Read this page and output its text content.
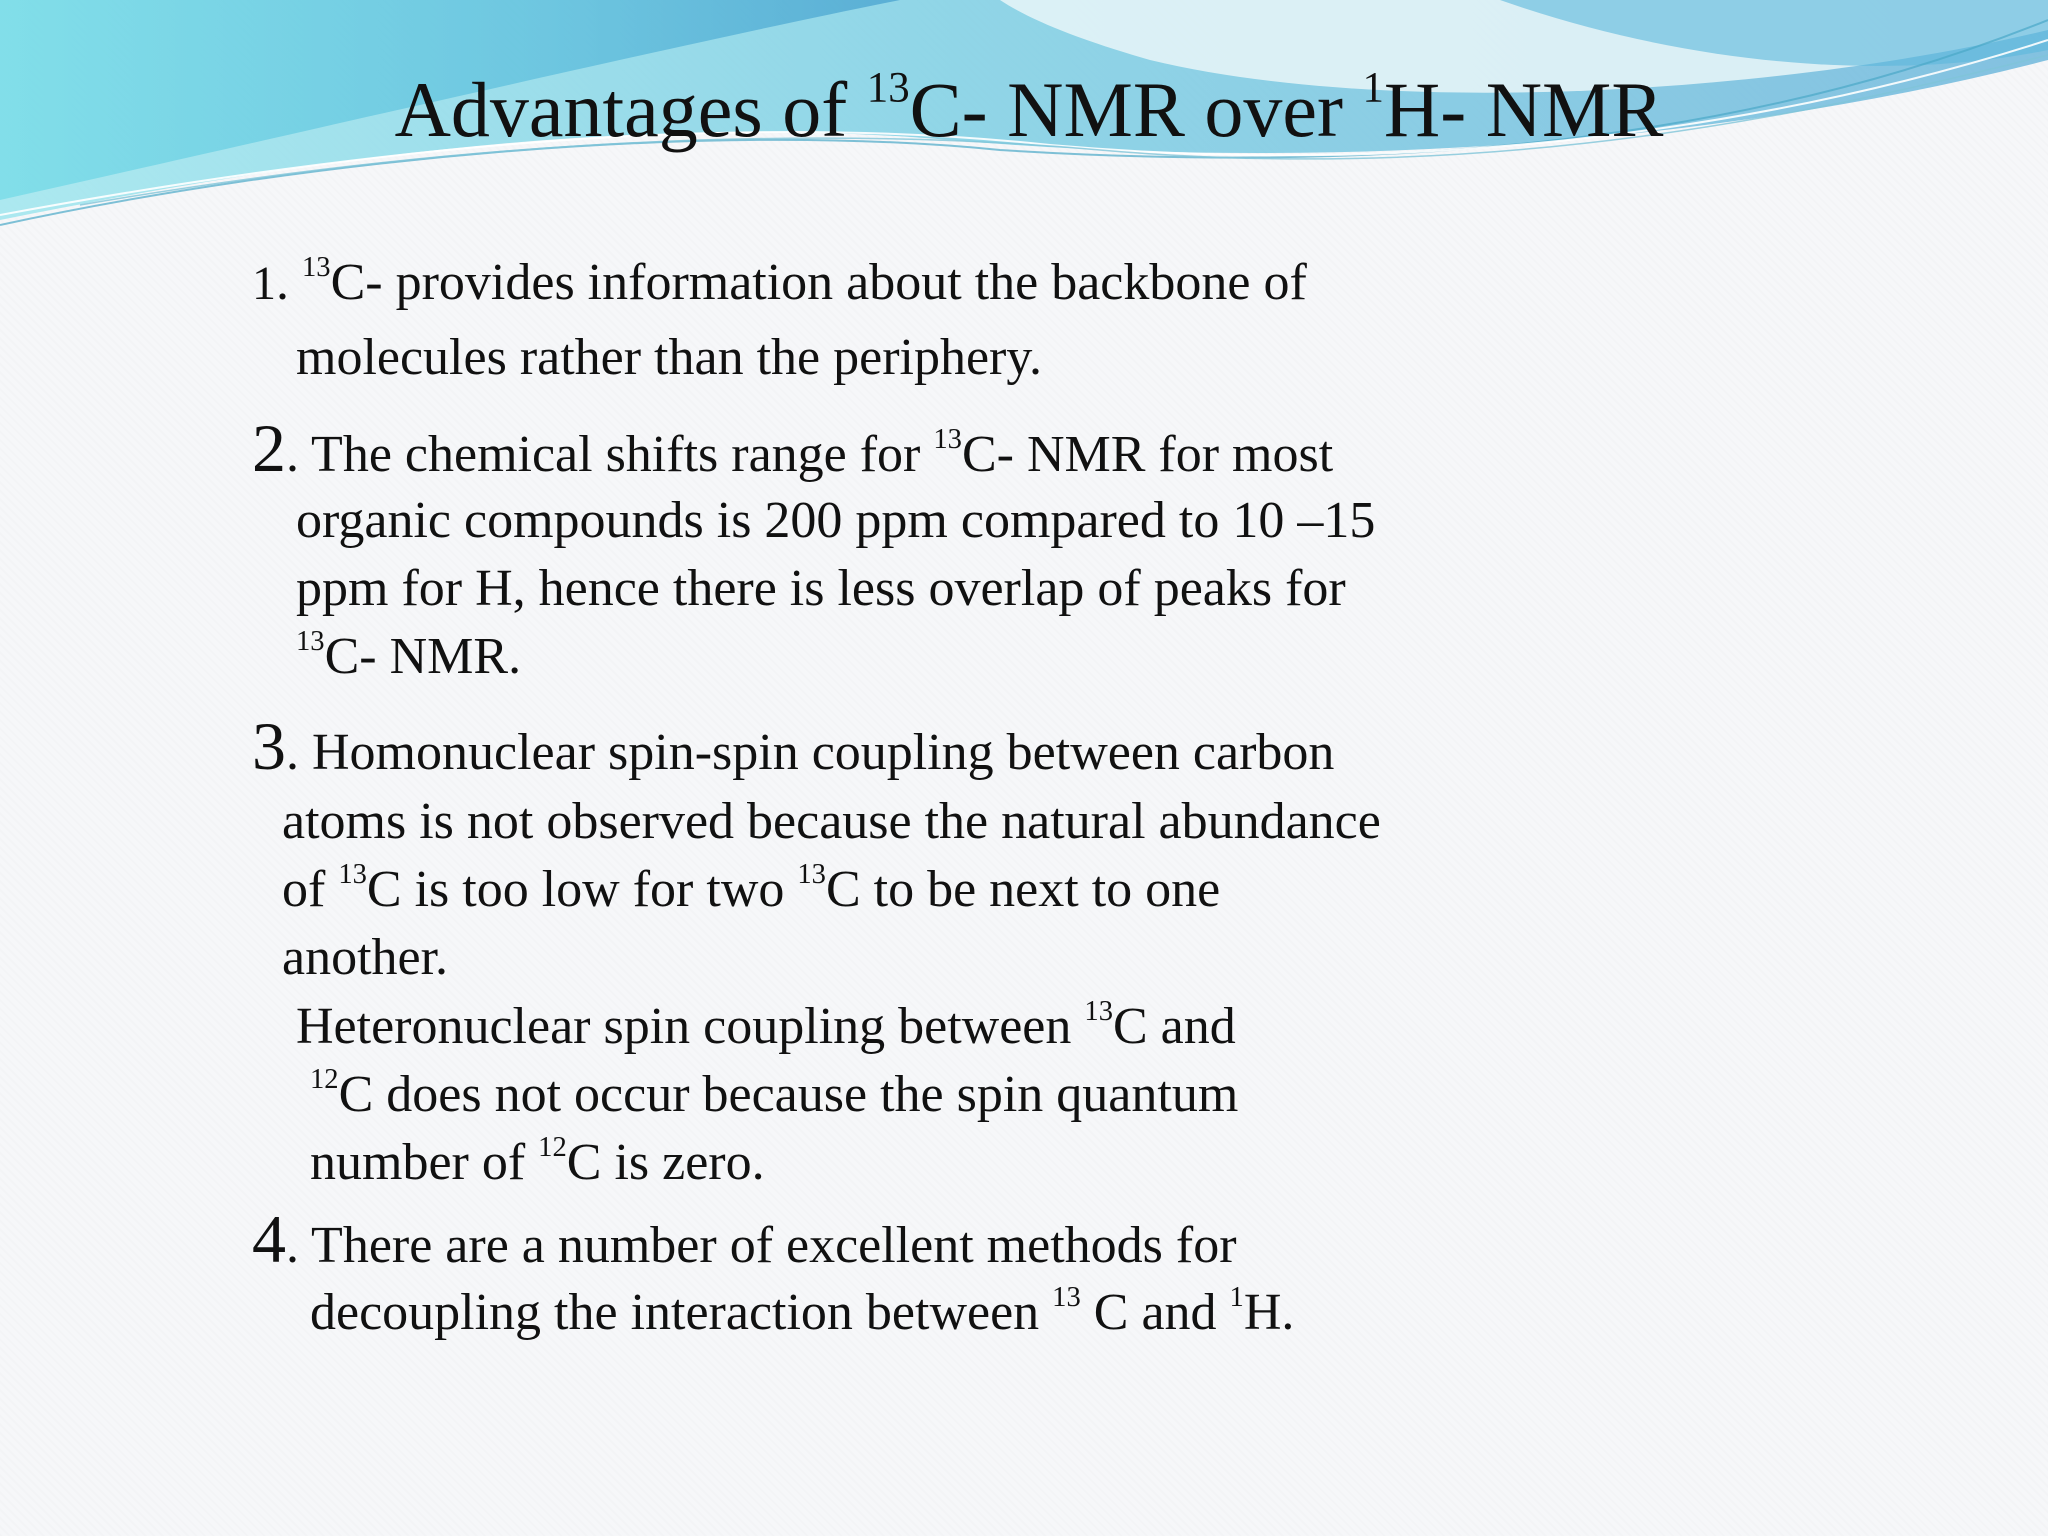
Advantages of $^{13}$C- NMR over $^1$H- NMR
1. $^{13}$C- provides information about the backbone of
molecules rather than the periphery.
2. The chemical shifts range for $^{13}$C- NMR for most
organic compounds is 200 ppm compared to 10 –15
ppm for H, hence there is less overlap of peaks for
$^{13}$C- NMR.
3. Homonuclear spin-spin coupling between carbon
atoms is not observed because the natural abundance
of $^{13}$C is too low for two $^{13}$C to be next to one
another.
Heteronuclear spin coupling between $^{13}$C and
$^{12}$C does not occur because the spin quantum
number of $^{12}$C is zero.
4. There are a number of excellent methods for
decoupling the interaction between $^{13}$ C and $^1$H.
